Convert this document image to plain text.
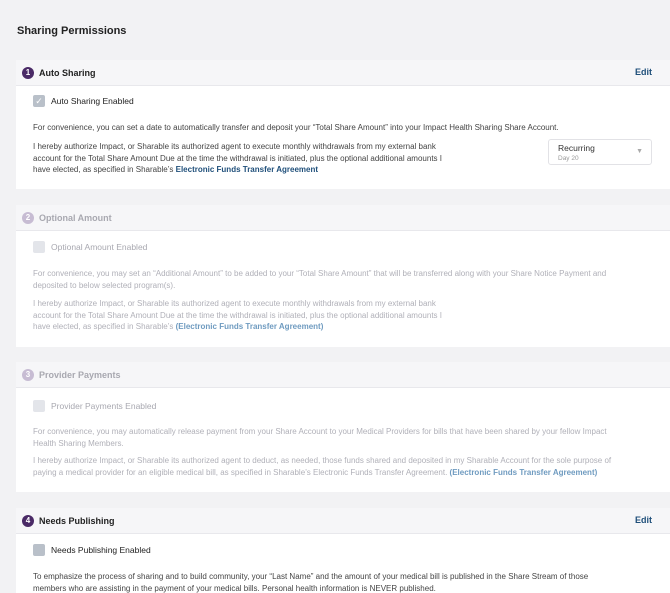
Sharing Permissions
1 Auto Sharing	Edit
✓ Auto Sharing Enabled
For convenience, you can set a date to automatically transfer and deposit your “Total Share Amount” into your Impact Health Sharing Share Account.
I hereby authorize Impact, or Sharable its authorized agent to execute monthly withdrawals from my external bank
account for the Total Share Amount Due at the time the withdrawal is initiated, plus the optional additional amounts I
have elected, as specified in Sharable’s Electronic Funds Transfer Agreement
Recurring
Day 20
▼
2 Optional Amount
Optional Amount Enabled
For convenience, you may set an “Additional Amount” to be added to your “Total Share Amount” that will be transferred along with your Share Notice Payment and
deposited to below selected program(s).
I hereby authorize Impact, or Sharable its authorized agent to execute monthly withdrawals from my external bank
account for the Total Share Amount Due at the time the withdrawal is initiated, plus the optional additional amounts I
have elected, as specified in Sharable’s (Electronic Funds Transfer Agreement)
3 Provider Payments
Provider Payments Enabled
For convenience, you may automatically release payment from your Share Account to your Medical Providers for bills that have been shared by your fellow Impact
Health Sharing Members.
I hereby authorize Impact, or Sharable its authorized agent to deduct, as needed, those funds shared and deposited in my Sharable Account for the sole purpose of
paying a medical provider for an eligible medical bill, as specified in Sharable’s Electronic Funds Transfer Agreement. (Electronic Funds Transfer Agreement)
4 Needs Publishing	Edit
Needs Publishing Enabled
To emphasize the process of sharing and to build community, your “Last Name” and the amount of your medical bill is published in the Share Stream of those
members who are assisting in the payment of your medical bills. Personal health information is NEVER published.
